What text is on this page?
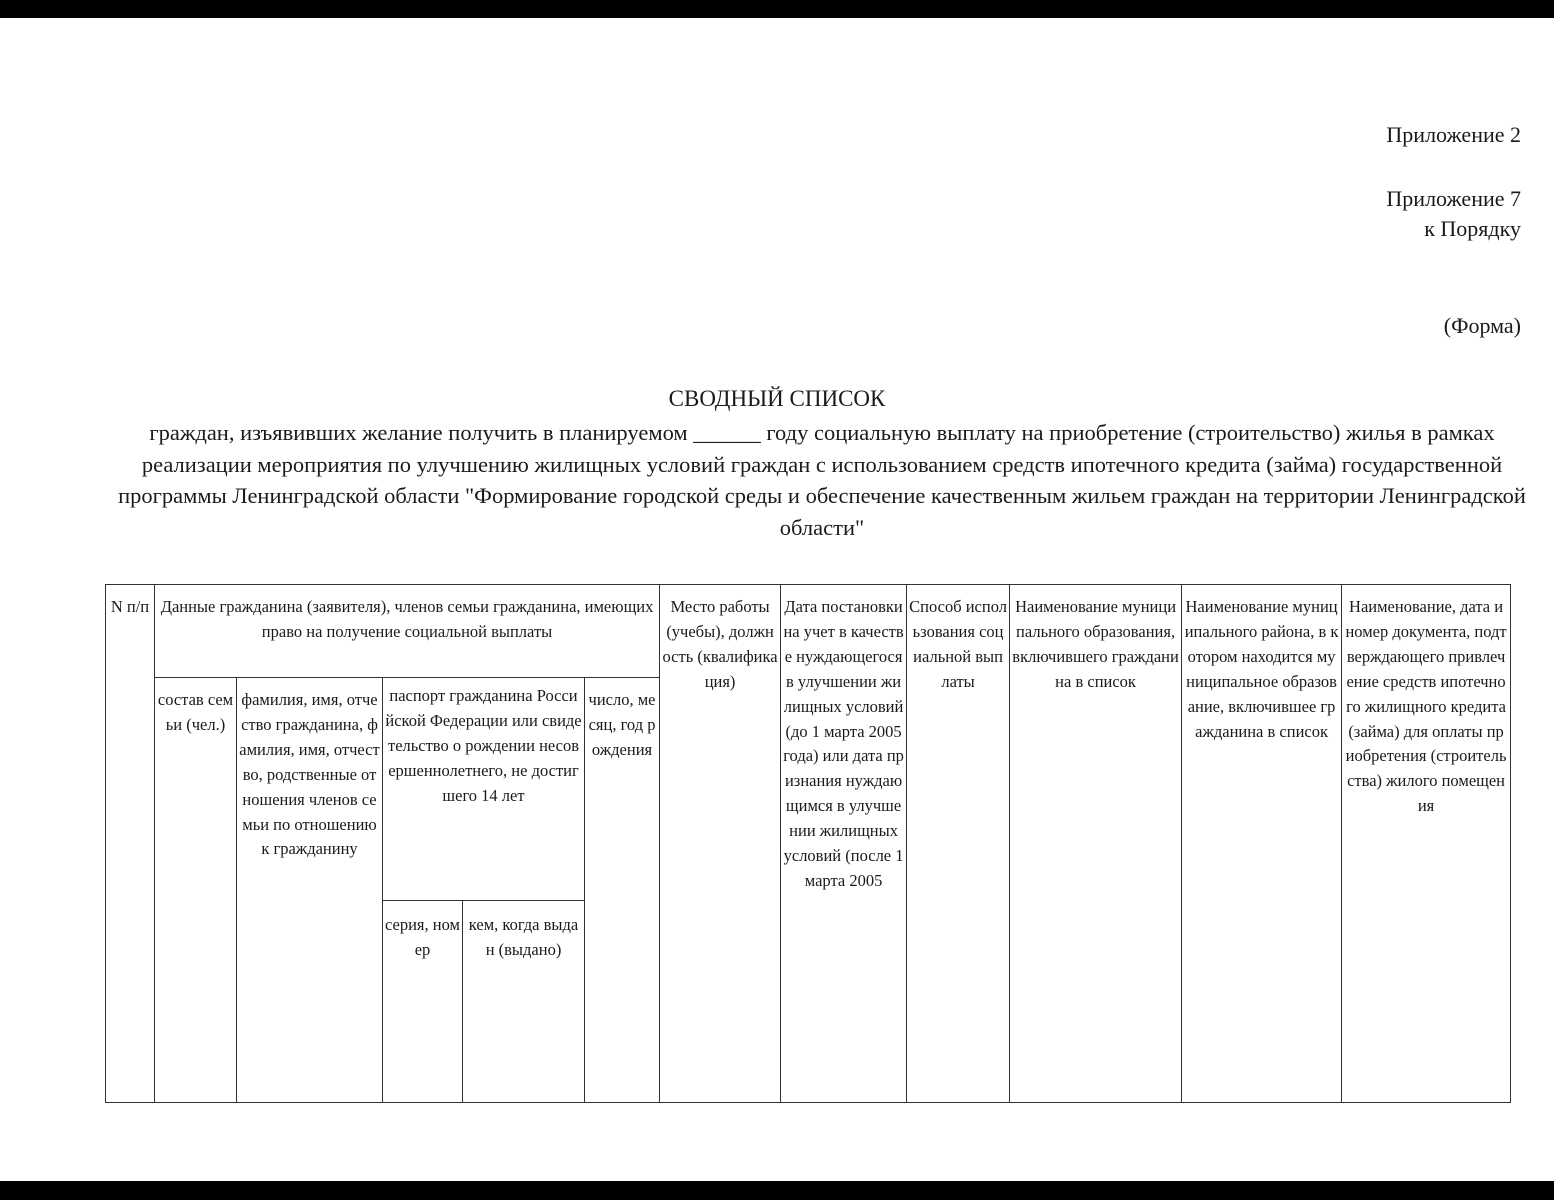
Приложение 2
Приложение 7
к Порядку
(Форма)
СВОДНЫЙ СПИСОК
граждан, изъявивших желание получить в планируемом ______ году социальную выплату на приобретение (строительство) жилья в рамках реализации мероприятия по улучшению жилищных условий граждан с использованием средств ипотечного кредита (займа) государственной программы Ленинградской области "Формирование городской среды и обеспечение качественным жильем граждан на территории Ленинградской области"
N п/п	Данные гражданина (заявителя), членов семьи гражданина, имеющих право на получение социальной выплаты					Место работы (учебы), должность (квалификация)	Дата постановки на учет в качестве нуждающегося в улучшении жилищных условий (до 1 марта 2005 года) или дата признания нуждающимся в улучшении жилищных условий (после 1 марта 2005	Способ использования социальной выплаты	Наименование муниципального образования, включившего гражданина в список	Наименование муниципального района, в котором находится муниципальное образование, включившее гражданина в список	Наименование, дата и номер документа, подтверждающего привлечение средств ипотечного жилищного кредита (займа) для оплаты приобретения (строительства) жилого помещения
	состав семьи (чел.)	фамилия, имя, отчество гражданина, фамилия, имя, отчество, родственные отношения членов семьи по отношению к гражданину	паспорт гражданина Российской Федерации или свидетельство о рождении несовершеннолетнего, не достигшего 14 лет		число, месяц, год рождения						
			серия, номер	кем, когда выдан (выдано)							
